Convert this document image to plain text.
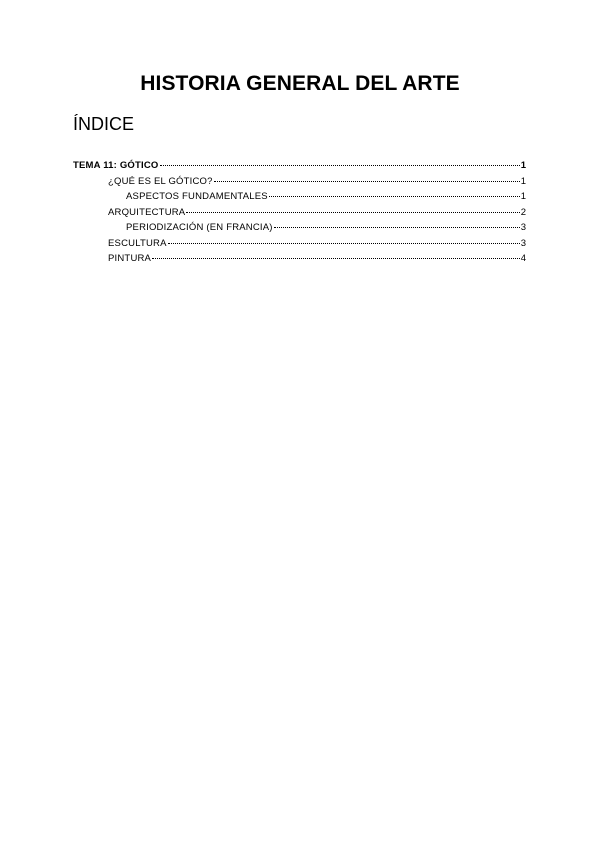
HISTORIA GENERAL DEL ARTE
ÍNDICE
TEMA 11: GÓTICO	1
¿QUÉ ES EL GÓTICO?	1
ASPECTOS FUNDAMENTALES	1
ARQUITECTURA	2
PERIODIZACIÓN (EN FRANCIA)	3
ESCULTURA	3
PINTURA	4
